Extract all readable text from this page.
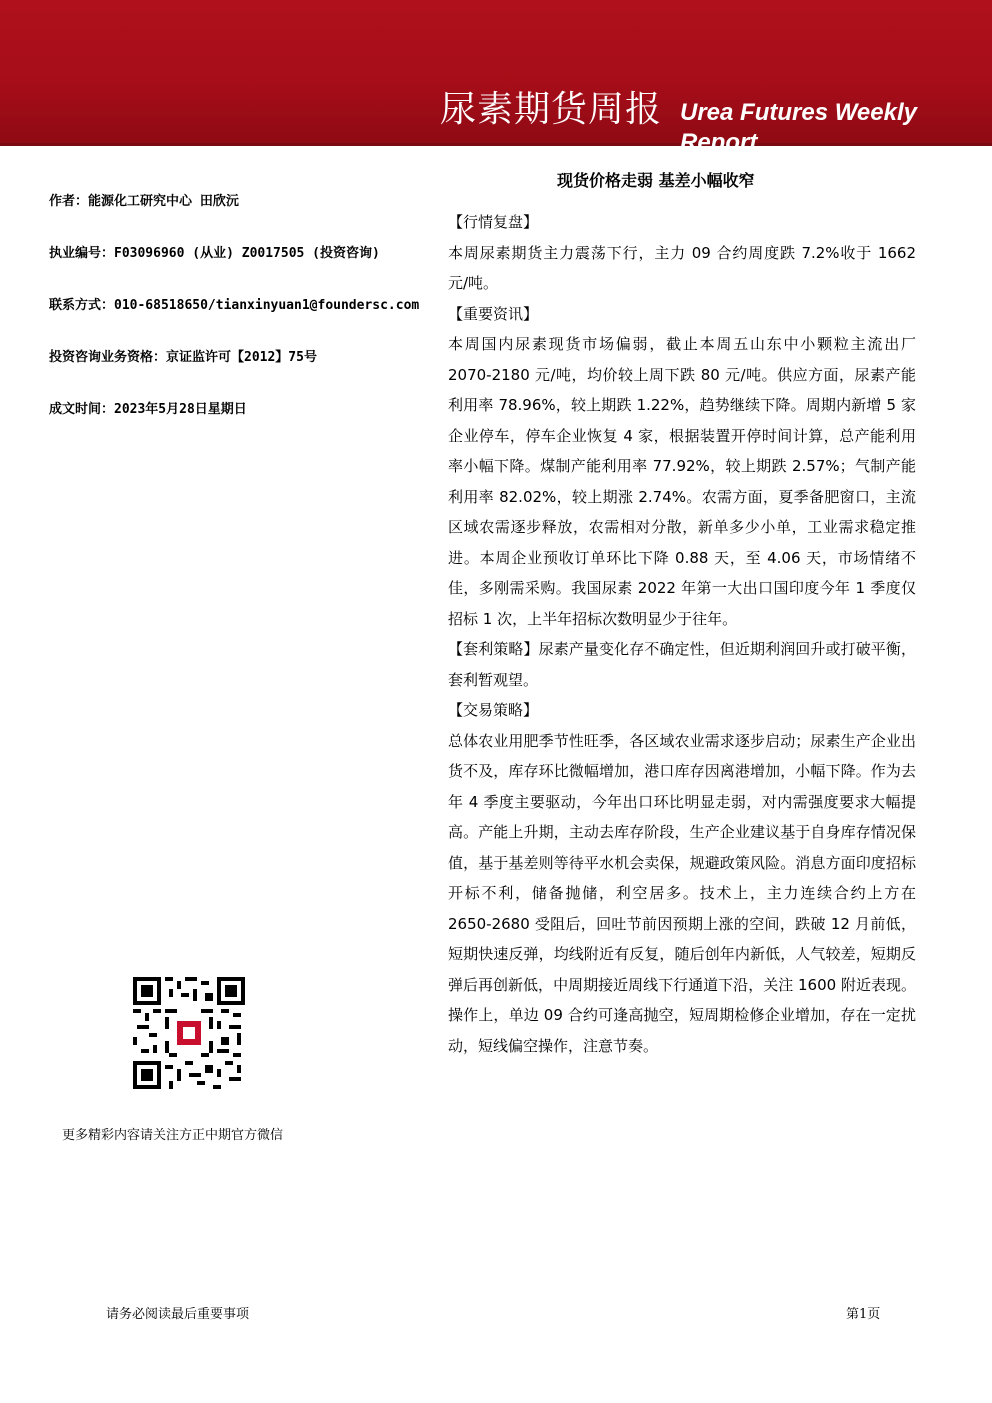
尿素期货周报 Urea Futures Weekly Report
作者：能源化工研究中心 田欣沅
执业编号：F03096960 (从业) Z0017505 (投资咨询)
联系方式：010-68518650/tianxinyuan1@foundersc.com
投资咨询业务资格：京证监许可【2012】75号
成文时间：2023年5月28日星期日
现货价格走弱 基差小幅收窄

【行情复盘】

本周尿素期货主力震荡下行，主力 09 合约周度跌 7.2%收于 1662 元/吨。

【重要资讯】

本周国内尿素现货市场偏弱，截止本周五山东中小颗粒主流出厂 2070-2180 元/吨，均价较上周下跌 80 元/吨。供应方面，尿素产能利用率 78.96%，较上期跌 1.22%，趋势继续下降。周期内新增 5 家企业停车，停车企业恢复 4 家，根据装置开停时间计算，总产能利用率小幅下降。煤制产能利用率 77.92%，较上期跌 2.57%；气制产能利用率 82.02%，较上期涨 2.74%。农需方面，夏季备肥窗口，主流区域农需逐步释放，农需相对分散，新单多少小单，工业需求稳定推进。本周企业预收订单环比下降 0.88 天，至 4.06 天，市场情绪不佳，多刚需采购。我国尿素 2022 年第一大出口国印度今年 1 季度仅招标 1 次，上半年招标次数明显少于往年。

【套利策略】尿素产量变化存不确定性，但近期利润回升或打破平衡，套利暂观望。

【交易策略】

总体农业用肥季节性旺季，各区域农业需求逐步启动；尿素生产企业出货不及，库存环比微幅增加，港口库存因离港增加，小幅下降。作为去年 4 季度主要驱动，今年出口环比明显走弱，对内需强度要求大幅提高。产能上升期，主动去库存阶段，生产企业建议基于自身库存情况保值，基于基差则等待平水机会卖保，规避政策风险。消息方面印度招标开标不利，储备抛储，利空居多。技术上，主力连续合约上方在 2650-2680 受阻后，回吐节前因预期上涨的空间，跌破 12 月前低，短期快速反弹，均线附近有反复，随后创年内新低，人气较差，短期反弹后再创新低，中周期接近周线下行通道下沿，关注 1600 附近表现。操作上，单边 09 合约可逢高抛空，短周期检修企业增加，存在一定扰动，短线偏空操作，注意节奏。

更多精彩内容请关注方正中期官方微信
请务必阅读最后重要事项	第1页
